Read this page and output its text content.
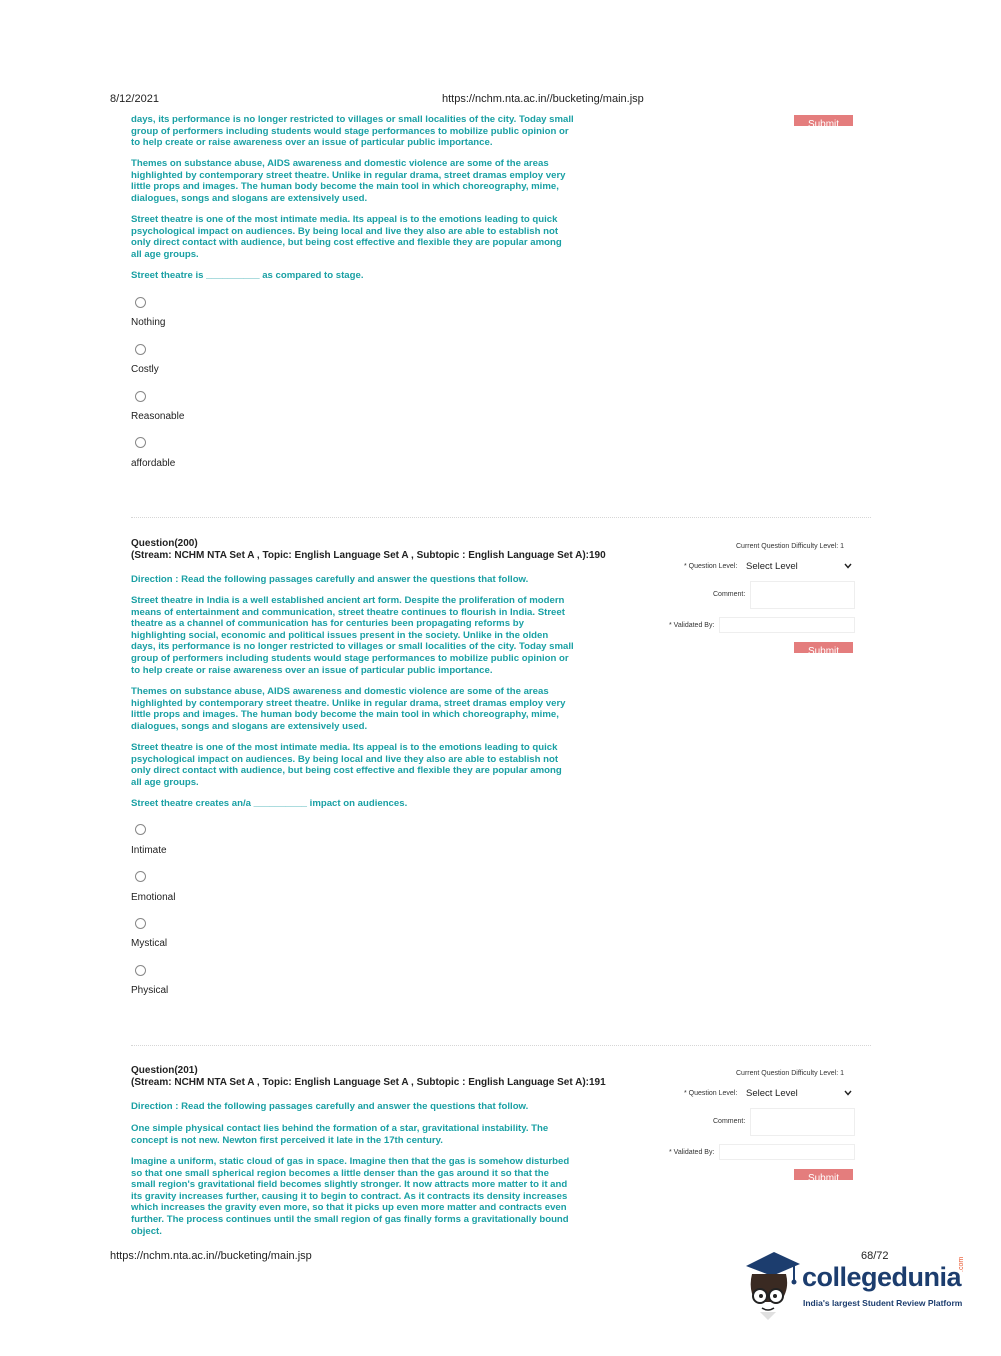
8/12/2021	https://nchm.nta.ac.in//bucketing/main.jsp
days, its performance is no longer restricted to villages or small localities of the city. Today small
group of performers including students would stage performances to mobilize public opinion or
to help create or raise awareness over an issue of particular public importance.
Themes on substance abuse, AIDS awareness and domestic violence are some of the areas
highlighted by contemporary street theatre. Unlike in regular drama, street dramas employ very
little props and images. The human body become the main tool in which choreography, mime,
dialogues, songs and slogans are extensively used.
Street theatre is one of the most intimate media. Its appeal is to the emotions leading to quick
psychological impact on audiences. By being local and live they also are able to establish not
only direct contact with audience, but being cost effective and flexible they are popular among
all age groups.
Street theatre is __________ as compared to stage.
Nothing
Costly
Reasonable
affordable
Submit
Question(200)
(Stream: NCHM NTA Set A , Topic: English Language Set A , Subtopic : English Language Set A):190
Direction : Read the following passages carefully and answer the questions that follow.
Street theatre in India is a well established ancient art form. Despite the proliferation of modern
means of entertainment and communication, street theatre continues to flourish in India. Street
theatre as a channel of communication has for centuries been propagating reforms by
highlighting social, economic and political issues present in the society. Unlike in the olden
days, its performance is no longer restricted to villages or small localities of the city. Today small
group of performers including students would stage performances to mobilize public opinion or
to help create or raise awareness over an issue of particular public importance.
Themes on substance abuse, AIDS awareness and domestic violence are some of the areas
highlighted by contemporary street theatre. Unlike in regular drama, street dramas employ very
little props and images. The human body become the main tool in which choreography, mime,
dialogues, songs and slogans are extensively used.
Street theatre is one of the most intimate media. Its appeal is to the emotions leading to quick
psychological impact on audiences. By being local and live they also are able to establish not
only direct contact with audience, but being cost effective and flexible they are popular among
all age groups.
Street theatre creates an/a __________ impact on audiences.
Intimate
Emotional
Mystical
Physical
Current Question Difficulty Level: 1
* Question Level: Select Level
Comment:
* Validated By:
Submit
Question(201)
(Stream: NCHM NTA Set A , Topic: English Language Set A , Subtopic : English Language Set A):191
Direction : Read the following passages carefully and answer the questions that follow.
One simple physical contact lies behind the formation of a star, gravitational instability. The
concept is not new. Newton first perceived it late in the 17th century.
Imagine a uniform, static cloud of gas in space. Imagine then that the gas is somehow disturbed
so that one small spherical region becomes a little denser than the gas around it so that the
small region's gravitational field becomes slightly stronger. It now attracts more matter to it and
its gravity increases further, causing it to begin to contract. As it contracts its density increases
which increases the gravity even more, so that it picks up even more matter and contracts even
further. The process continues until the small region of gas finally forms a gravitationally bound
object.
Current Question Difficulty Level: 1
* Question Level: Select Level
Comment:
* Validated By:
Submit
https://nchm.nta.ac.in//bucketing/main.jsp	68/72
collegedunia
.com
India's largest Student Review Platform
